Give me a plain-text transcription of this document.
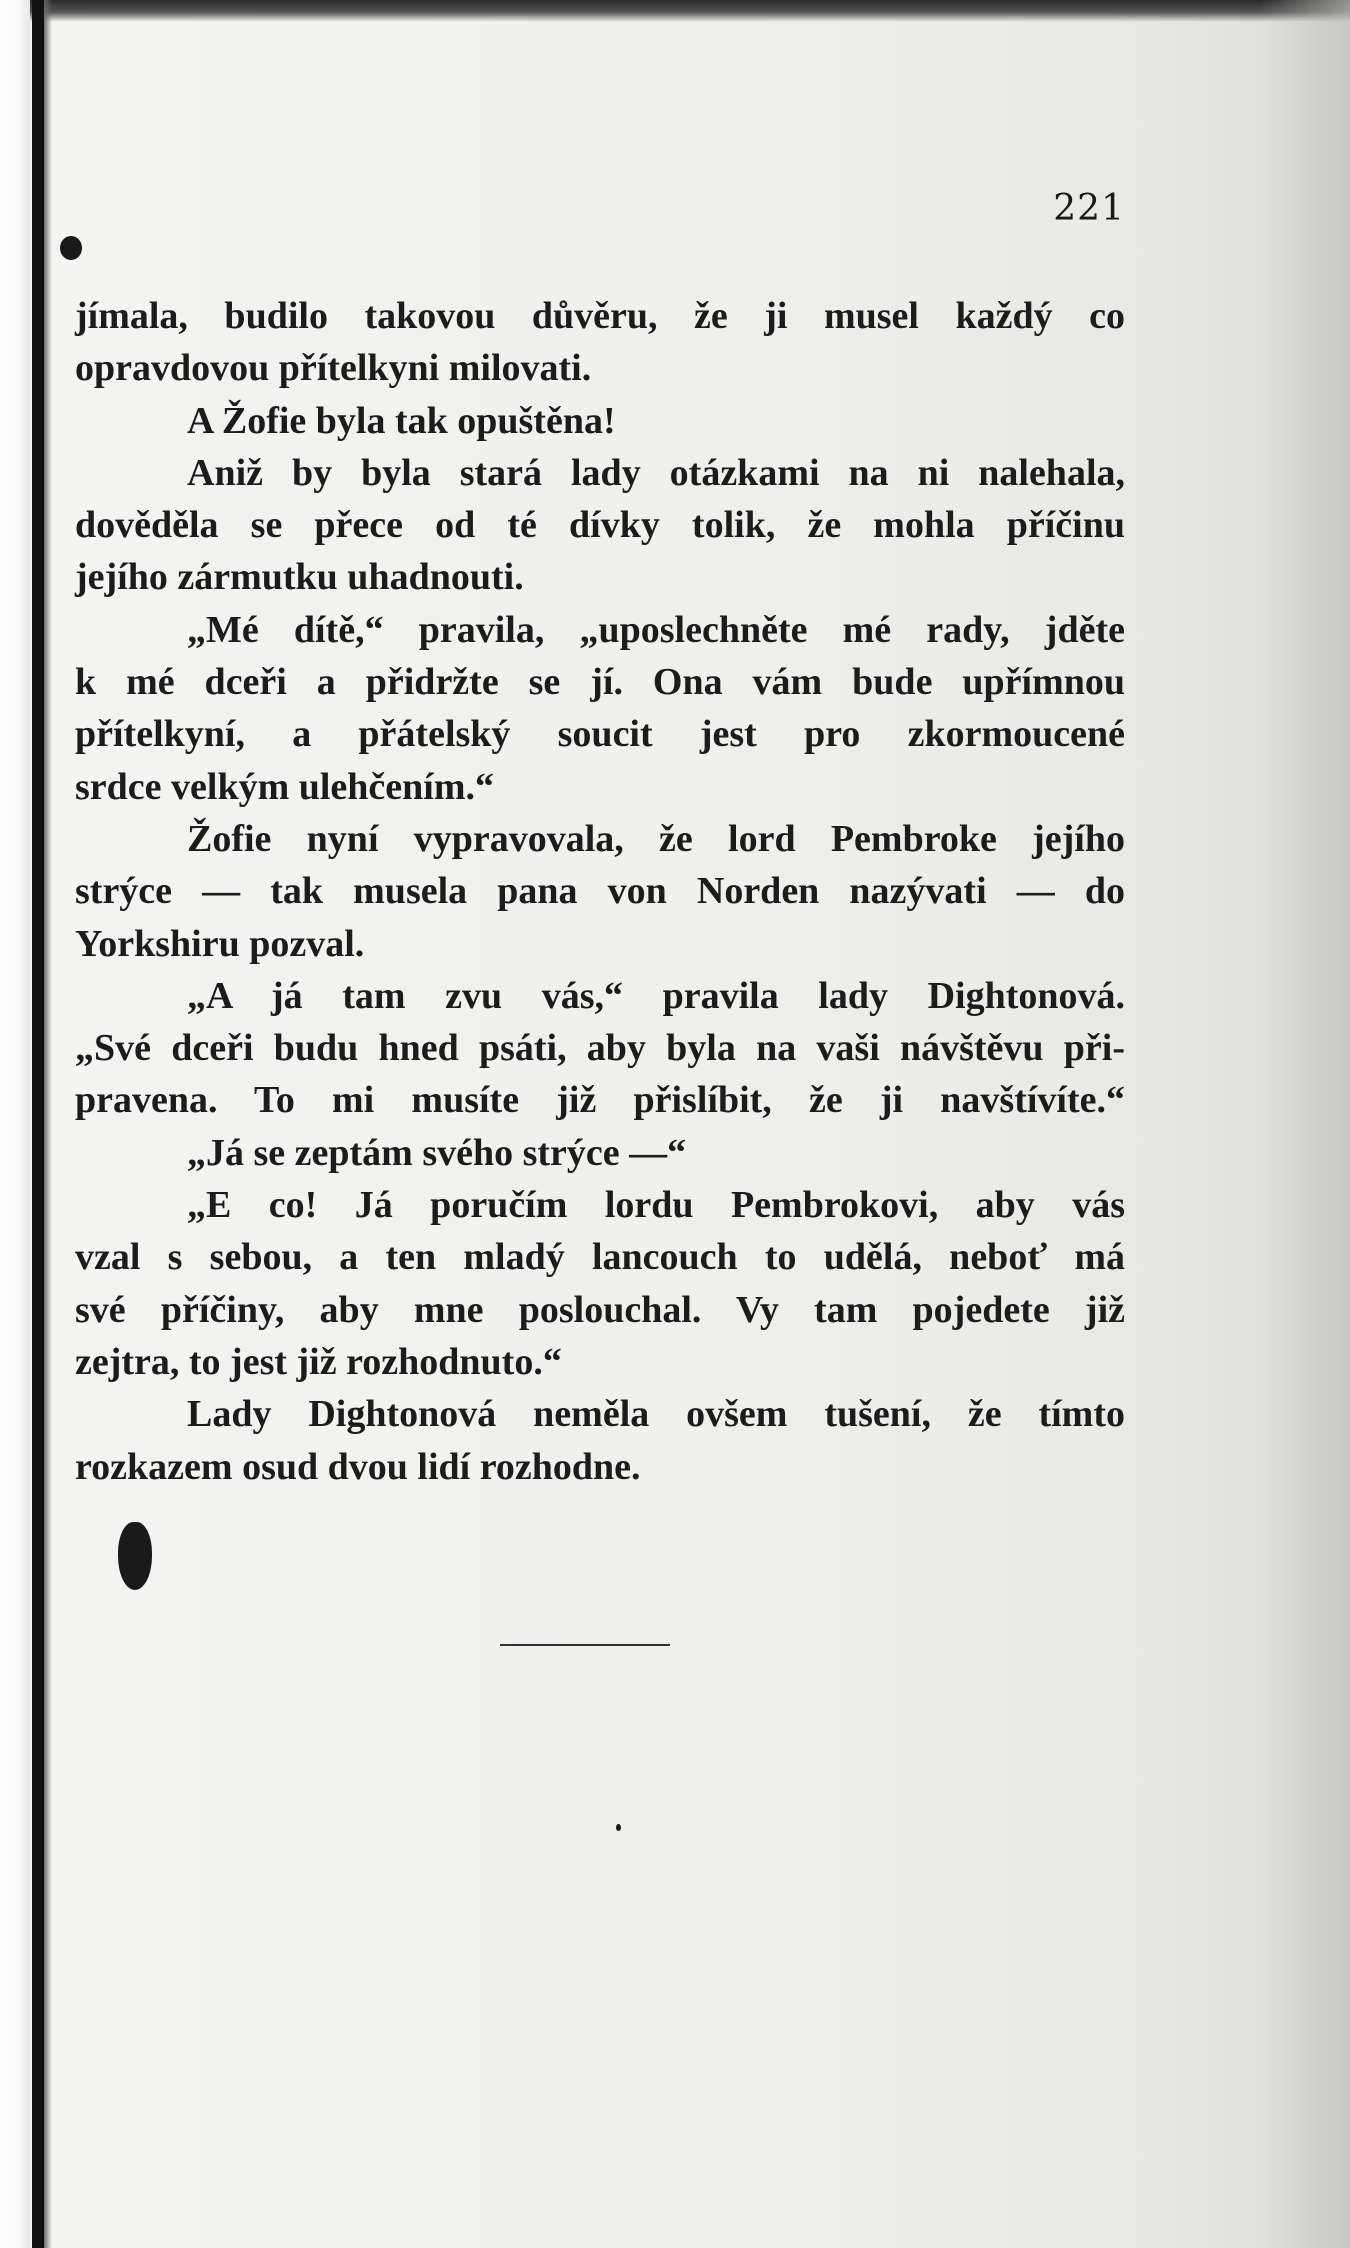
221
jímala, budilo takovou důvěru, že ji musel každý co
opravdovou přítelkyni milovati.
A Žofie byla tak opuštěna!
Aniž by byla stará lady otázkami na ni nalehala,
dověděla se přece od té dívky tolik, že mohla příčinu
jejího zármutku uhadnouti.
„Mé dítě,“ pravila, „uposlechněte mé rady, jděte
k mé dceři a přidržte se jí. Ona vám bude upřímnou
přítelkyní, a přátelský soucit jest pro zkormoucené
srdce velkým ulehčením.“
Žofie nyní vypravovala, že lord Pembroke jejího
strýce — tak musela pana von Norden nazývati — do
Yorkshiru pozval.
„A já tam zvu vás,“ pravila lady Dightonová.
„Své dceři budu hned psáti, aby byla na vaši návštěvu při-
pravena. To mi musíte již přislíbit, že ji navštívíte.“
„Já se zeptám svého strýce —“
„E co! Já poručím lordu Pembrokovi, aby vás
vzal s sebou, a ten mladý lancouch to udělá, neboť má
své příčiny, aby mne poslouchal. Vy tam pojedete již
zejtra, to jest již rozhodnuto.“
Lady Dightonová neměla ovšem tušení, že tímto
rozkazem osud dvou lidí rozhodne.
